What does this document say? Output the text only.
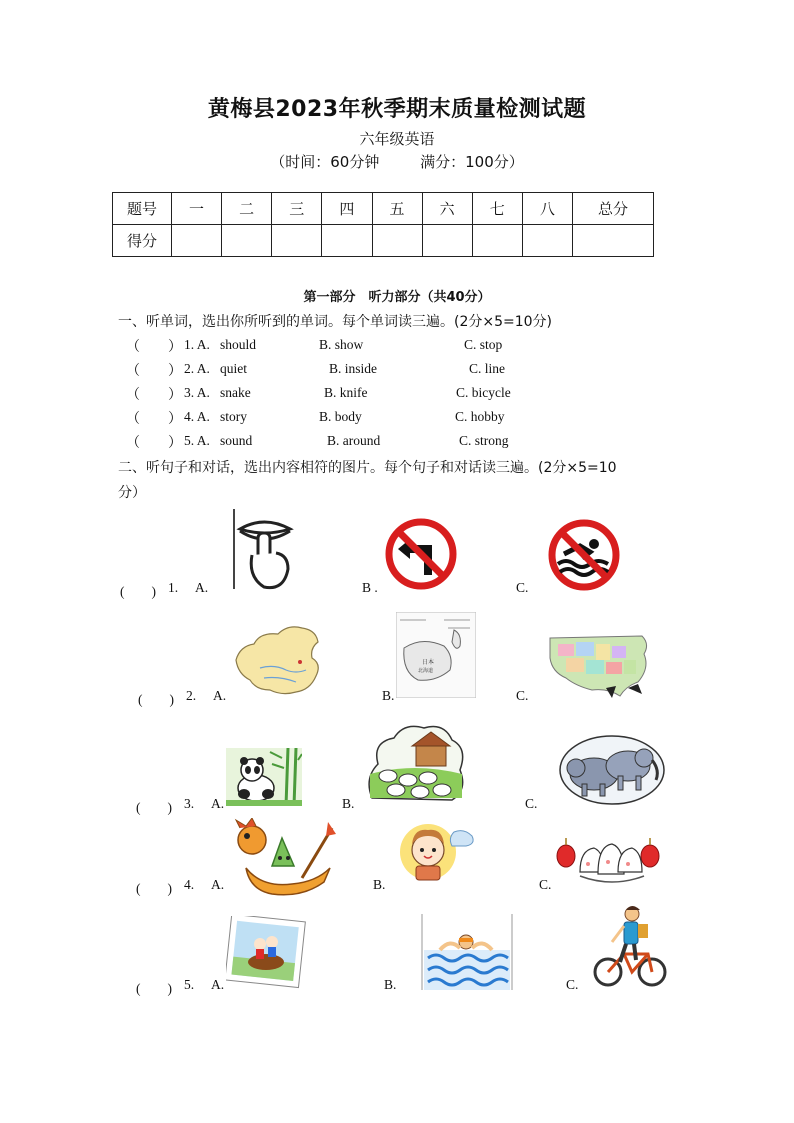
黄梅县2023年秋季期末质量检测试题
六年级英语
（时间：60分钟	满分：100分）
题号	一	二	三	四	五	六	七	八	总分
得分									
第一部分　听力部分（共40分）
一、听单词，选出你所听到的单词。每个单词读三遍。(2分×5=10分)
（　　） 1. A. should	B. show	C. stop
（　　） 2. A. quiet	B. inside	C. line
（　　） 3. A. snake	B. knife	C. bicycle
（　　） 4. A. story	B. body	C. hobby
（　　） 5. A. sound	B. around	C. strong
二、听句子和对话，选出内容相符的图片。每个句子和对话读三遍。(2分×5=10
分）
(　　) 1. A.	B .	C.
(　　) 2. A.	B.
日本
北海道
C.
(　　) 3. A.	B.	C.
(　　) 4. A.	B.	C.
(　　) 5. A.	B.	C.
